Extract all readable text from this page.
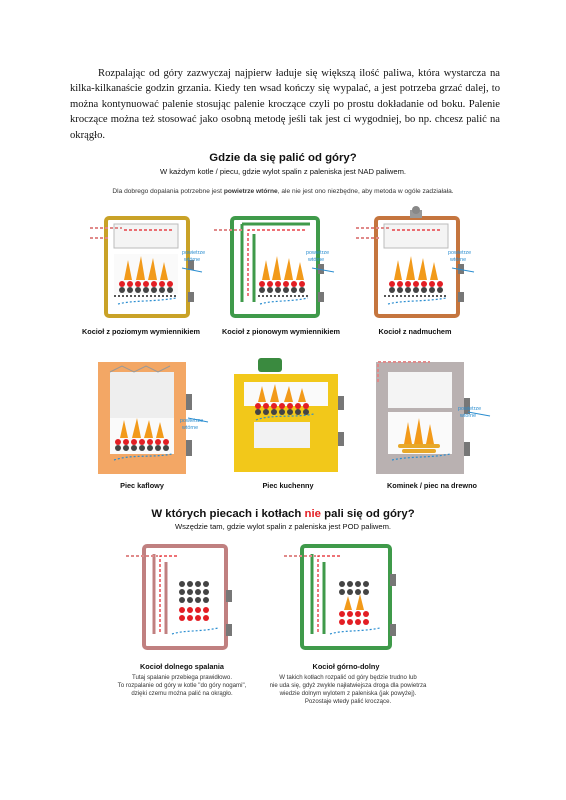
Rozpalając od góry zazwyczaj najpierw ładuje się większą ilość paliwa, która wystarcza na kilka-kilkanaście godzin grzania. Kiedy ten wsad kończy się wypalać, a jest potrzeba grzać dalej, to można kontynuować palenie stosując palenie kroczące czyli po prostu dokładanie od boku. Palenie kroczące można też stosować jako osobną metodę jeśli tak jest ci wygodniej, bo np. chcesz palić na okrągło.
Gdzie da się palić od góry?
W każdym kotle / piecu, gdzie wylot spalin z paleniska jest NAD paliwem.
Dla dobrego dopalania potrzebne jest powietrze wtórne, ale nie jest ono niezbędne, aby metoda w ogóle zadziałała.
powietrze
wtórne
Kocioł z poziomym wymiennikiem
powietrze
wtórne
Kocioł z pionowym wymiennikiem
powietrze
wtórne
Kocioł z nadmuchem
powietrze
wtórne
Piec kaflowy	Piec kuchenny
powietrze
wtórne
Kominek / piec na drewno
W których piecach i kotłach nie pali się od góry?
Wszędzie tam, gdzie wylot spalin z paleniska jest POD paliwem.
Kocioł dolnego spalania
Tutaj spalanie przebiega prawidłowo.
To rozpalanie od góry w kotle "do góry nogami",
dzięki czemu można palić na okrągło.
Kocioł górno-dolny
W takich kotłach rozpalić od góry będzie trudno lub
nie uda się, gdyż zwykle najłatwiejsza droga dla powietrza
wiedzie dolnym wylotem z paleniska (jak powyżej).
Pozostaje wtedy palić kroczące.
